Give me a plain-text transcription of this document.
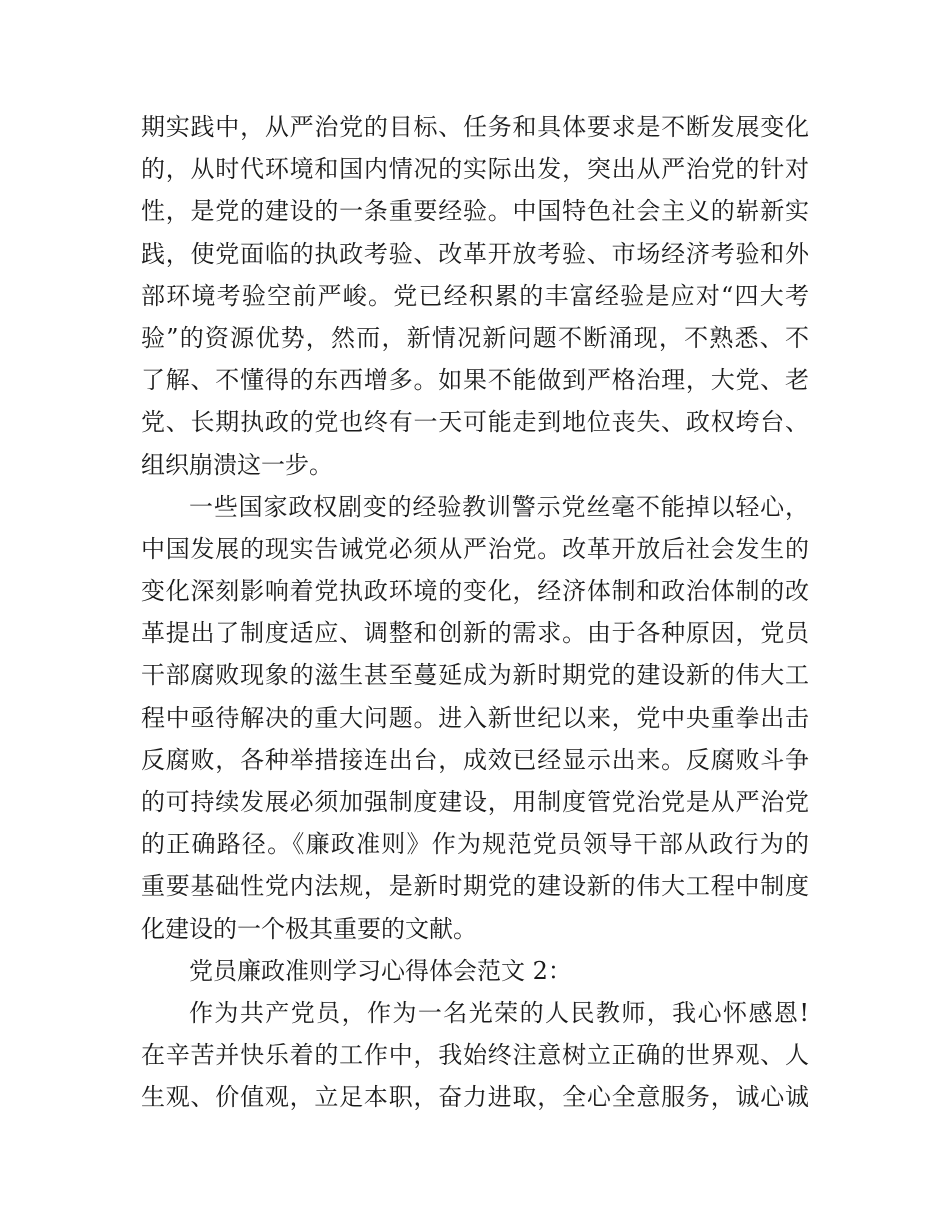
期实践中，从严治党的目标、任务和具体要求是不断发展变化
的，从时代环境和国内情况的实际出发，突出从严治党的针对
性，是党的建设的一条重要经验。中国特色社会主义的崭新实
践，使党面临的执政考验、改革开放考验、市场经济考验和外
部环境考验空前严峻。党已经积累的丰富经验是应对“四大考
验”的资源优势，然而，新情况新问题不断涌现，不熟悉、不
了解、不懂得的东西增多。如果不能做到严格治理，大党、老
党、长期执政的党也终有一天可能走到地位丧失、政权垮台、
组织崩溃这一步。
一些国家政权剧变的经验教训警示党丝毫不能掉以轻心，
中国发展的现实告诫党必须从严治党。改革开放后社会发生的
变化深刻影响着党执政环境的变化，经济体制和政治体制的改
革提出了制度适应、调整和创新的需求。由于各种原因，党员
干部腐败现象的滋生甚至蔓延成为新时期党的建设新的伟大工
程中亟待解决的重大问题。进入新世纪以来，党中央重拳出击
反腐败，各种举措接连出台，成效已经显示出来。反腐败斗争
的可持续发展必须加强制度建设，用制度管党治党是从严治党
的正确路径。《廉政准则》作为规范党员领导干部从政行为的
重要基础性党内法规，是新时期党的建设新的伟大工程中制度
化建设的一个极其重要的文献。
党员廉政准则学习心得体会范文 2：
作为共产党员，作为一名光荣的人民教师，我心怀感恩!
在辛苦并快乐着的工作中，我始终注意树立正确的世界观、人
生观、价值观，立足本职，奋力进取，全心全意服务，诚心诚
